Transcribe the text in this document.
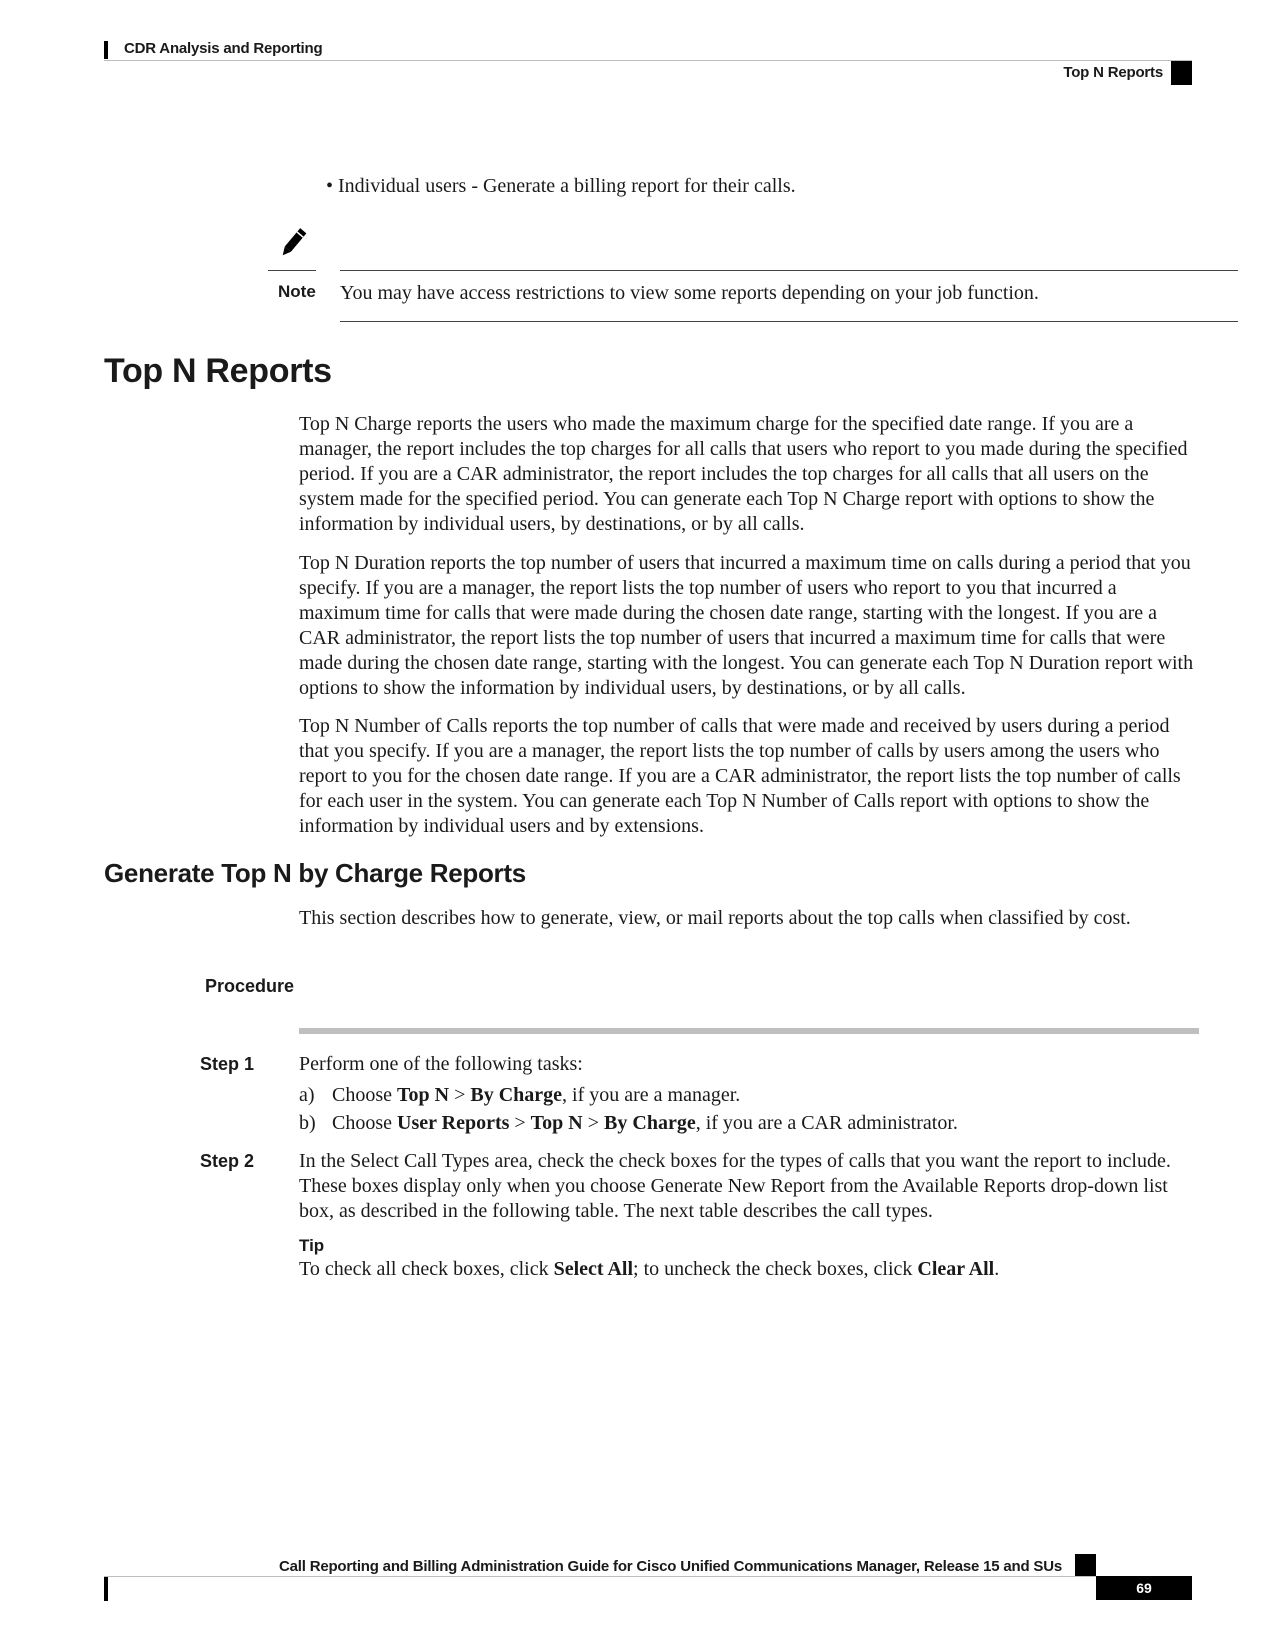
CDR Analysis and Reporting
Top N Reports
• Individual users - Generate a billing report for their calls.
Note You may have access restrictions to view some reports depending on your job function.
Top N Reports

Top N Charge reports the users who made the maximum charge for the specified date range. If you are a manager, the report includes the top charges for all calls that users who report to you made during the specified period. If you are a CAR administrator, the report includes the top charges for all calls that all users on the system made for the specified period. You can generate each Top N Charge report with options to show the information by individual users, by destinations, or by all calls.

Top N Duration reports the top number of users that incurred a maximum time on calls during a period that you specify. If you are a manager, the report lists the top number of users who report to you that incurred a maximum time for calls that were made during the chosen date range, starting with the longest. If you are a CAR administrator, the report lists the top number of users that incurred a maximum time for calls that were made during the chosen date range, starting with the longest. You can generate each Top N Duration report with options to show the information by individual users, by destinations, or by all calls.

Top N Number of Calls reports the top number of calls that were made and received by users during a period that you specify. If you are a manager, the report lists the top number of calls by users among the users who report to you for the chosen date range. If you are a CAR administrator, the report lists the top number of calls for each user in the system. You can generate each Top N Number of Calls report with options to show the information by individual users and by extensions.

Generate Top N by Charge Reports

This section describes how to generate, view, or mail reports about the top calls when classified by cost.

Procedure
Step 1 Perform one of the following tasks:
a) Choose Top N > By Charge, if you are a manager.
b) Choose User Reports > Top N > By Charge, if you are a CAR administrator.
Step 2 In the Select Call Types area, check the check boxes for the types of calls that you want the report to include. These boxes display only when you choose Generate New Report from the Available Reports drop-down list box, as described in the following table. The next table describes the call types.
Tip
To check all check boxes, click Select All; to uncheck the check boxes, click Clear All.
Call Reporting and Billing Administration Guide for Cisco Unified Communications Manager, Release 15 and SUs
69
